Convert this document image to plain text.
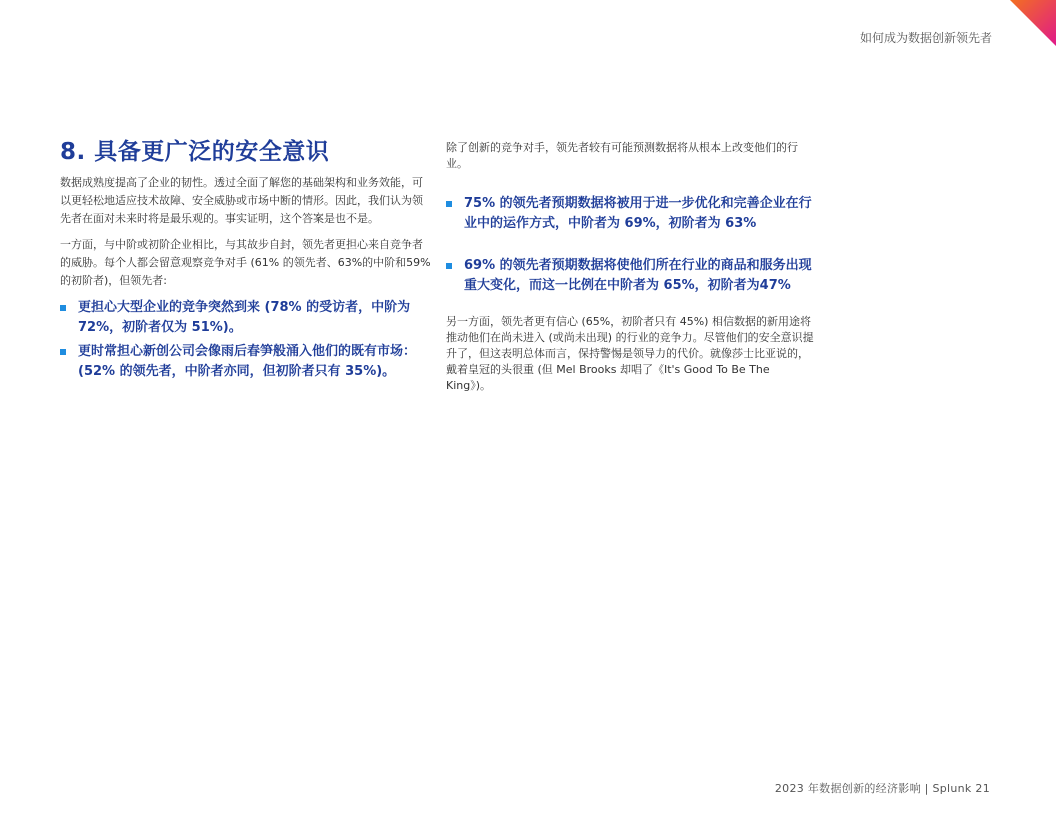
如何成为数据创新领先者
8. 具备更广泛的安全意识

数据成熟度提高了企业的韧性。透过全面了解您的基础架构和业务效能，可以更轻松地适应技术故障、安全威胁或市场中断的情形。因此，我们认为领先者在面对未来时将是最乐观的。事实证明，这个答案是也不是。

一方面，与中阶或初阶企业相比，与其故步自封，领先者更担心来自竞争者的威胁。每个人都会留意观察竞争对手 (61% 的领先者、63%的中阶和59% 的初阶者)，但领先者:

更担心大型企业的竞争突然到来 (78% 的受访者，中阶为72%，初阶者仅为 51%)。
更时常担心新创公司会像雨后春笋般涌入他们的既有市场：(52% 的领先者，中阶者亦同，但初阶者只有 35%)。

除了创新的竞争对手，领先者较有可能预测数据将从根本上改变他们的行业。

75% 的领先者预期数据将被用于进一步优化和完善企业在行业中的运作方式，中阶者为 69%，初阶者为 63%
69% 的领先者预期数据将使他们所在行业的商品和服务出现重大变化，而这一比例在中阶者为 65%，初阶者为47%

另一方面，领先者更有信心 (65%，初阶者只有 45%) 相信数据的新用途将推动他们在尚未进入 (或尚未出现) 的行业的竞争力。尽管他们的安全意识提升了，但这表明总体而言，保持警惕是领导力的代价。就像莎士比亚说的，戴着皇冠的头很重 (但 Mel Brooks 却唱了《It's Good To Be The King》)。

2023 年数据创新的经济影响 | Splunk 21
